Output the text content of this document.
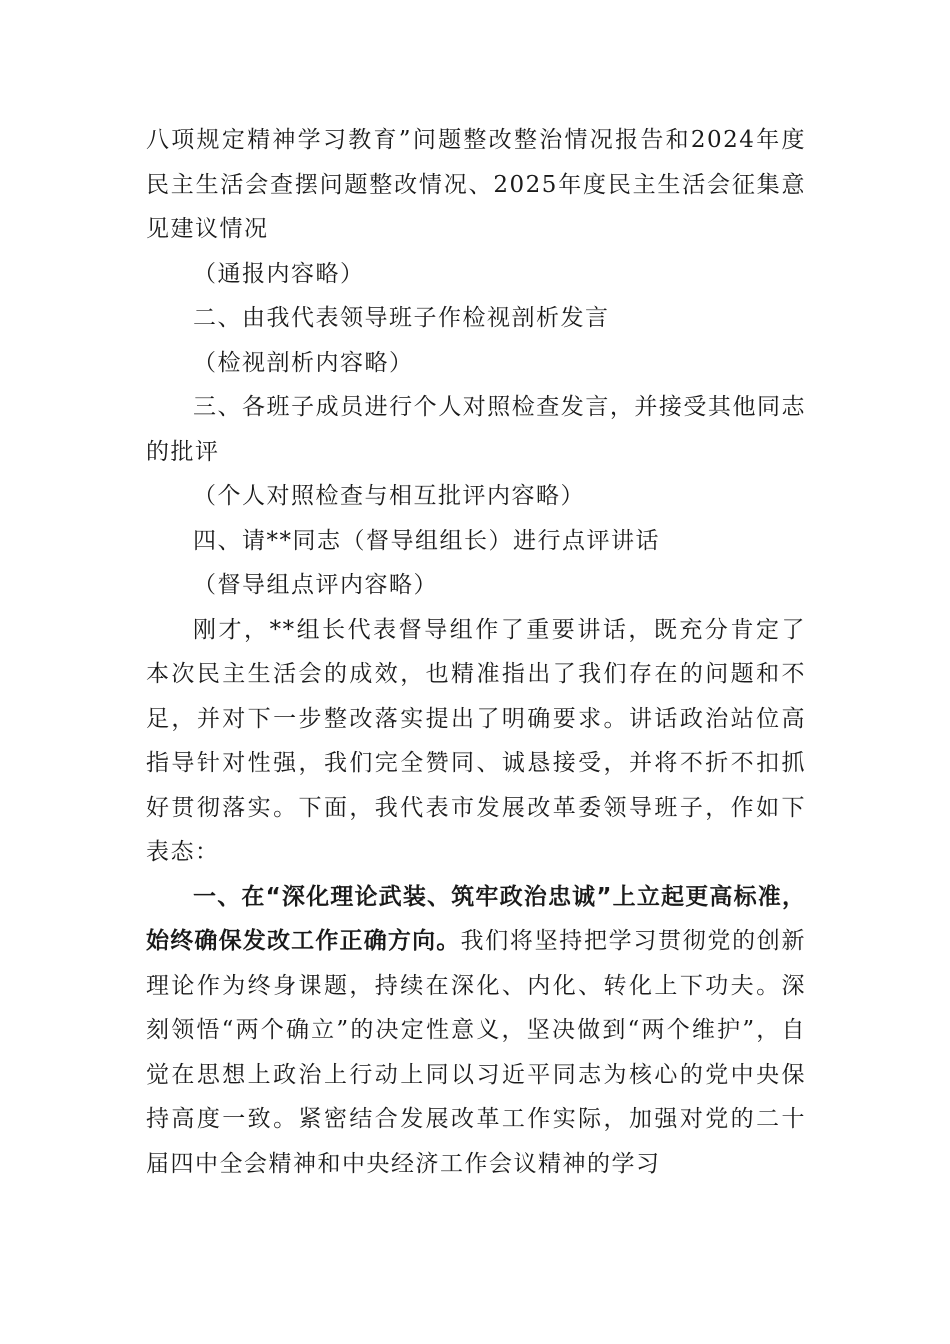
八项规定精神学习教育”问题整改整治情况报告和2024年度民主生活会查摆问题整改情况、2025年度民主生活会征集意见建议情况

（通报内容略）

二、由我代表领导班子作检视剖析发言

（检视剖析内容略）

三、各班子成员进行个人对照检查发言，并接受其他同志的批评

（个人对照检查与相互批评内容略）

四、请**同志（督导组组长）进行点评讲话

（督导组点评内容略）

刚才，**组长代表督导组作了重要讲话，既充分肯定了本次民主生活会的成效，也精准指出了我们存在的问题和不足，并对下一步整改落实提出了明确要求。讲话政治站位高指导针对性强，我们完全赞同、诚恳接受，并将不折不扣抓好贯彻落实。下面，我代表市发展改革委领导班子，作如下表态：

一、在“深化理论武装、筑牢政治忠诚”上立起更高标准，始终确保发改工作正确方向。我们将坚持把学习贯彻党的创新理论作为终身课题，持续在深化、内化、转化上下功夫。深刻领悟“两个确立”的决定性意义，坚决做到“两个维护”，自觉在思想上政治上行动上同以习近平同志为核心的党中央保持高度一致。紧密结合发展改革工作实际，加强对党的二十届四中全会精神和中央经济工作会议精神的学习
